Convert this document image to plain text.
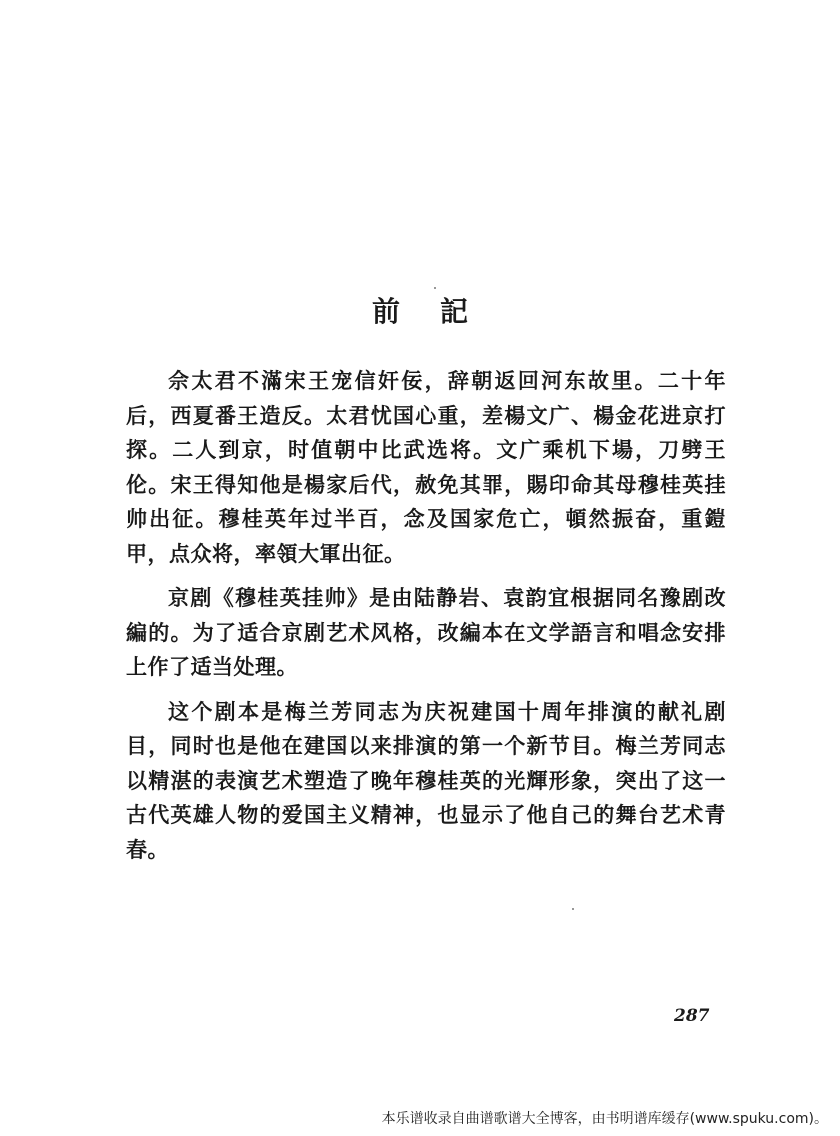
前記

佘太君不滿宋王宠信奸佞，辞朝返回河东故里。二十年后，西夏番王造反。太君忧国心重，差楊文广、楊金花进京打探。二人到京，时值朝中比武选将。文广乘机下場，刀劈王伦。宋王得知他是楊家后代，赦免其罪，賜印命其母穆桂英挂帅出征。穆桂英年过半百，念及国家危亡，頓然振奋，重鎧甲，点众将，率領大軍出征。

京剧《穆桂英挂帅》是由陆静岩、袁韵宜根据同名豫剧改編的。为了适合京剧艺术风格，改編本在文学語言和唱念安排上作了适当处理。

这个剧本是梅兰芳同志为庆祝建国十周年排演的献礼剧目，同时也是他在建国以来排演的第一个新节目。梅兰芳同志以精湛的表演艺术塑造了晚年穆桂英的光輝形象，突出了这一古代英雄人物的爱国主义精神，也显示了他自己的舞台艺术青春。

287
本乐谱收录自曲谱歌谱大全博客，由书明谱库缓存(www.spuku.com)。
